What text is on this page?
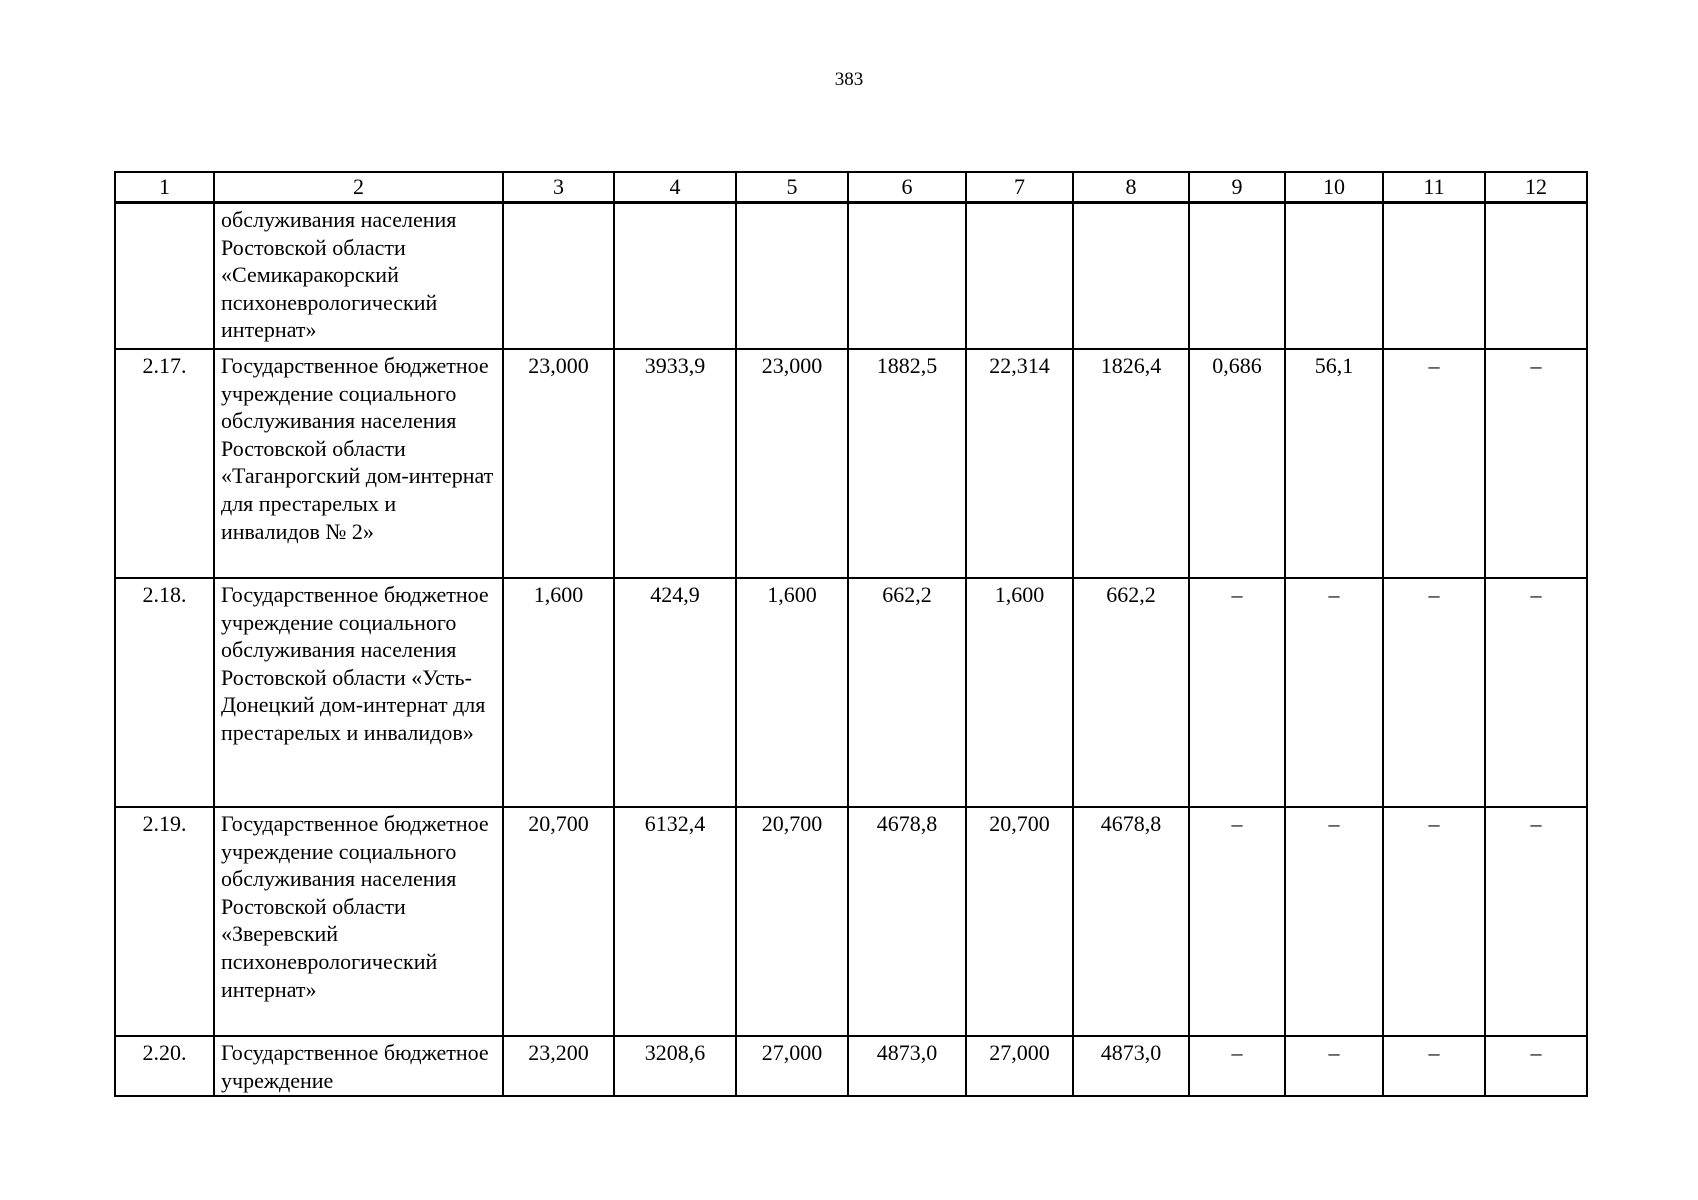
383
1	2	3	4	5	6	7	8	9	10	11	12
	обслуживания населения Ростовской области «Семикаракорский психоневрологический интернат»										
2.17.	Государственное бюджетное учреждение социального обслуживания населения Ростовской области «Таганрогский дом-интернат для престарелых и инвалидов № 2»	23,000	3933,9	23,000	1882,5	22,314	1826,4	0,686	56,1	–	–
2.18.	Государственное бюджетное учреждение социального обслуживания населения Ростовской области «Усть-Донецкий дом-интернат для престарелых и инвалидов»	1,600	424,9	1,600	662,2	1,600	662,2	–	–	–	–
2.19.	Государственное бюджетное учреждение социального обслуживания населения Ростовской области «Зверевский психоневрологический интернат»	20,700	6132,4	20,700	4678,8	20,700	4678,8	–	–	–	–
2.20.	Государственное бюджетное учреждение	23,200	3208,6	27,000	4873,0	27,000	4873,0	–	–	–	–
